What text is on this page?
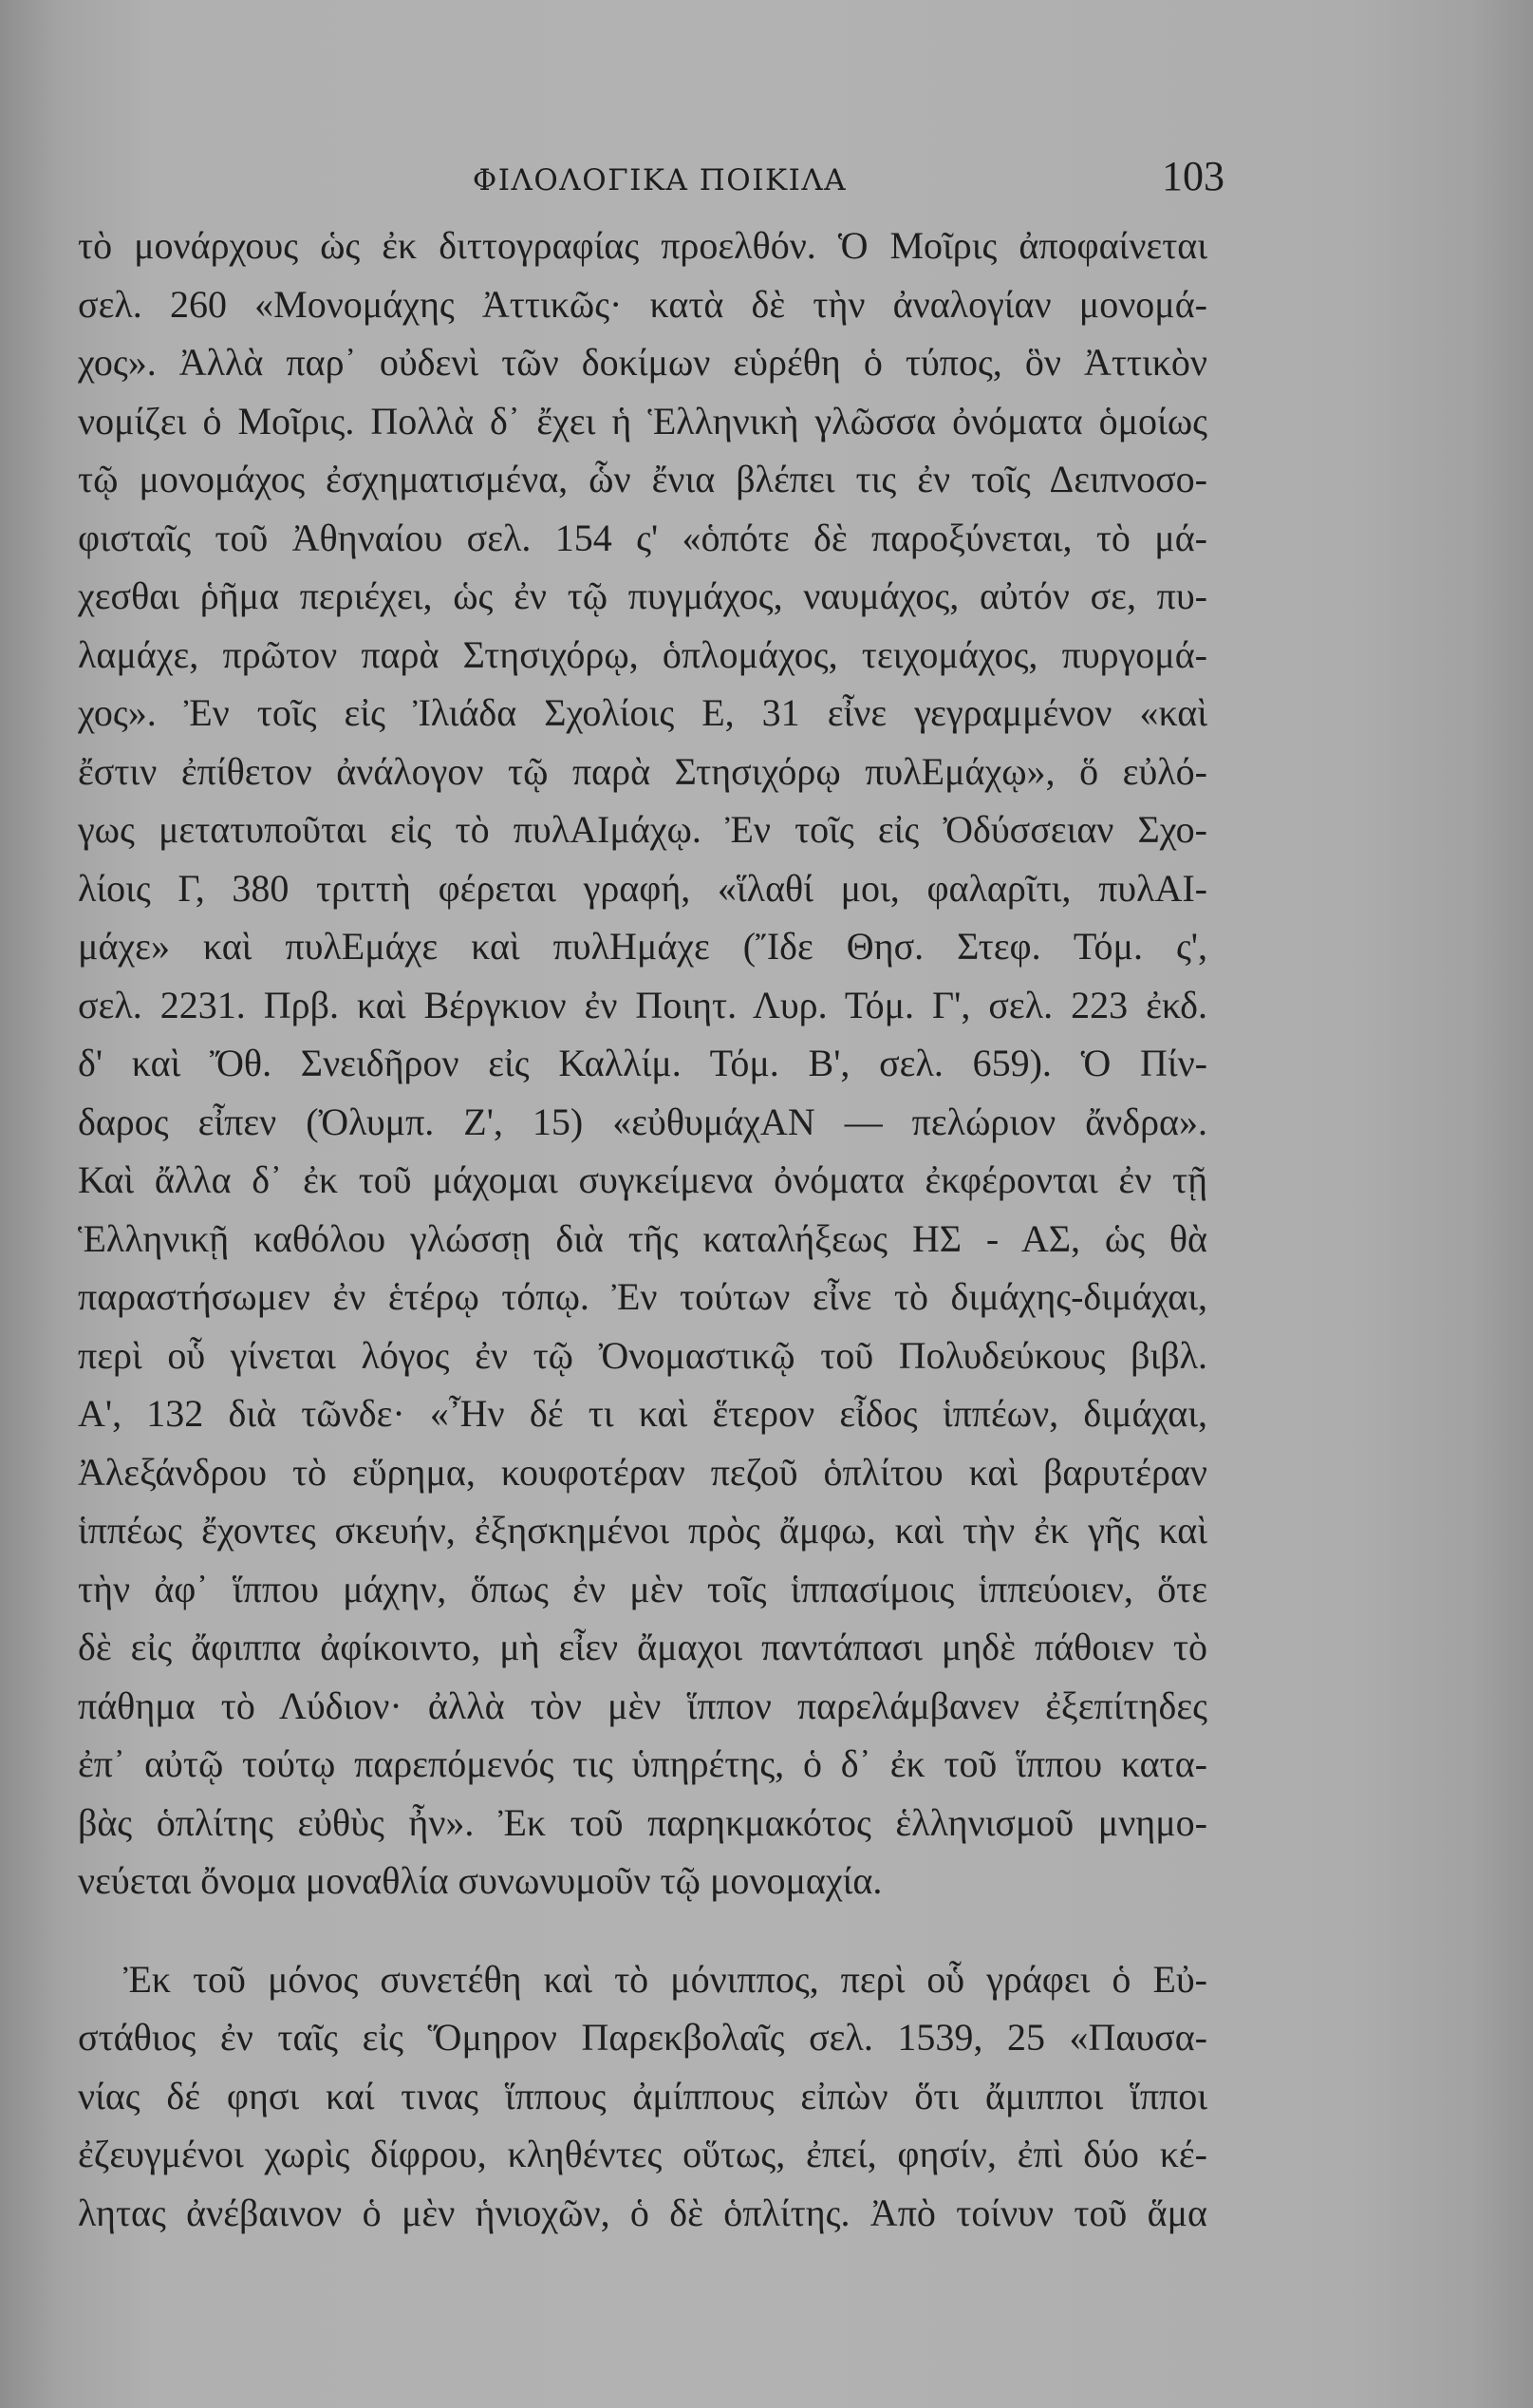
ΦΙΛΟΛΟΓΙΚΑ ΠΟΙΚΙΛΑ	103
τὸ μονάρχους ὡς ἐκ διττογραφίας προελθόν. Ὁ Μοῖρις ἀποφαίνεται
σελ. 260 «Μονομάχης Ἀττικῶς· κατὰ δὲ τὴν ἀναλογίαν μονομά-
χος». Ἀλλὰ παρ᾿ οὐδενὶ τῶν δοκίμων εὑρέθη ὁ τύπος, ὃν Ἀττικὸν
νομίζει ὁ Μοῖρις. Πολλὰ δ᾿ ἔχει ἡ Ἑλληνικὴ γλῶσσα ὀνόματα ὁμοίως
τῷ μονομάχος ἐσχηματισμένα, ὧν ἔνια βλέπει τις ἐν τοῖς Δειπνοσο-
φισταῖς τοῦ Ἀθηναίου σελ. 154 ς' «ὁπότε δὲ παροξύνεται, τὸ μά-
χεσθαι ῥῆμα περιέχει, ὡς ἐν τῷ πυγμάχος, ναυμάχος, αὐτόν σε, πυ-
λαμάχε, πρῶτον παρὰ Στησιχόρῳ, ὁπλομάχος, τειχομάχος, πυργομά-
χος». Ἐν τοῖς εἰς Ἰλιάδα Σχολίοις Ε, 31 εἶνε γεγραμμένον «καὶ
ἔστιν ἐπίθετον ἀνάλογον τῷ παρὰ Στησιχόρῳ πυλΕμάχῳ», ὅ εὐλό-
γως μετατυποῦται εἰς τὸ πυλΑΙμάχῳ. Ἐν τοῖς εἰς Ὀδύσσειαν Σχο-
λίοις Γ, 380 τριττὴ φέρεται γραφή, «ἵλαθί μοι, φαλαρῖτι, πυλΑΙ-
μάχε» καὶ πυλΕμάχε καὶ πυλΗμάχε (Ἴδε Θησ. Στεφ. Τόμ. ς',
σελ. 2231. Πρβ. καὶ Βέργκιον ἐν Ποιητ. Λυρ. Τόμ. Γ', σελ. 223 ἐκδ.
δ' καὶ Ὄθ. Σνειδῆρον εἰς Καλλίμ. Τόμ. Β', σελ. 659). Ὁ Πίν-
δαρος εἶπεν (Ὀλυμπ. Ζ', 15) «εὐθυμάχΑΝ — πελώριον ἄνδρα».
Καὶ ἄλλα δ᾿ ἐκ τοῦ μάχομαι συγκείμενα ὀνόματα ἐκφέρονται ἐν τῇ
Ἑλληνικῇ καθόλου γλώσσῃ διὰ τῆς καταλήξεως ΗΣ - ΑΣ, ὡς θὰ
παραστήσωμεν ἐν ἑτέρῳ τόπῳ. Ἐν τούτων εἶνε τὸ διμάχης-διμάχαι,
περὶ οὗ γίνεται λόγος ἐν τῷ Ὀνομαστικῷ τοῦ Πολυδεύκους βιβλ.
Α', 132 διὰ τῶνδε· «Ἦν δέ τι καὶ ἕτερον εἶδος ἱππέων, διμάχαι,
Ἀλεξάνδρου τὸ εὕρημα, κουφοτέραν πεζοῦ ὁπλίτου καὶ βαρυτέραν
ἱππέως ἔχοντες σκευήν, ἐξησκημένοι πρὸς ἄμφω, καὶ τὴν ἐκ γῆς καὶ
τὴν ἀφ᾿ ἵππου μάχην, ὅπως ἐν μὲν τοῖς ἱππασίμοις ἱππεύοιεν, ὅτε
δὲ εἰς ἄφιππα ἀφίκοιντο, μὴ εἶεν ἄμαχοι παντάπασι μηδὲ πάθοιεν τὸ
πάθημα τὸ Λύδιον· ἀλλὰ τὸν μὲν ἵππον παρελάμβανεν ἐξεπίτηδες
ἐπ᾿ αὐτῷ τούτῳ παρεπόμενός τις ὑπηρέτης, ὁ δ᾿ ἐκ τοῦ ἵππου κατα-
βὰς ὁπλίτης εὐθὺς ἦν». Ἐκ τοῦ παρηκμακότος ἑλληνισμοῦ μνημο-
νεύεται ὄνομα μοναθλία συνωνυμοῦν τῷ μονομαχία.
Ἐκ τοῦ μόνος συνετέθη καὶ τὸ μόνιππος, περὶ οὗ γράφει ὁ Εὐ-
στάθιος ἐν ταῖς εἰς Ὅμηρον Παρεκβολαῖς σελ. 1539, 25 «Παυσα-
νίας δέ φησι καί τινας ἵππους ἀμίππους εἰπὼν ὅτι ἄμιπποι ἵπποι
ἐζευγμένοι χωρὶς δίφρου, κληθέντες οὕτως, ἐπεί, φησίν, ἐπὶ δύο κέ-
λητας ἀνέβαινον ὁ μὲν ἡνιοχῶν, ὁ δὲ ὁπλίτης. Ἀπὸ τοίνυν τοῦ ἅμα
